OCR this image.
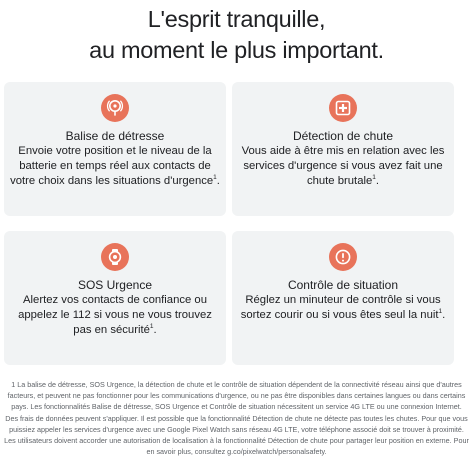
L'esprit tranquille,
au moment le plus important.
Balise de détresse
Envoie votre position et le niveau de la batterie en temps réel aux contacts de votre choix dans les situations d'urgence$^1$.
Détection de chute
Vous aide à être mis en relation avec les services d'urgence si vous avez fait une chute brutale$^1$.
SOS Urgence
Alertez vos contacts de confiance ou appelez le 112 si vous ne vous trouvez pas en sécurité$^1$.
Contrôle de situation
Réglez un minuteur de contrôle si vous sortez courir ou si vous êtes seul la nuit$^1$.

1 La balise de détresse, SOS Urgence, la détection de chute et le contrôle de situation dépendent de la connectivité réseau ainsi que d'autres facteurs, et peuvent ne pas fonctionner pour les communications d'urgence, ou ne pas être disponibles dans certaines langues ou dans certains pays. Les fonctionnalités Balise de détresse, SOS Urgence et Contrôle de situation nécessitent un service 4G LTE ou une connexion Internet. Des frais de données peuvent s'appliquer. Il est possible que la fonctionnalité Détection de chute ne détecte pas toutes les chutes. Pour que vous puissiez appeler les services d'urgence avec une Google Pixel Watch sans réseau 4G LTE, votre téléphone associé doit se trouver à proximité. Les utilisateurs doivent accorder une autorisation de localisation à la fonctionnalité Détection de chute pour partager leur position en externe. Pour en savoir plus, consultez g.co/pixelwatch/personalsafety.
